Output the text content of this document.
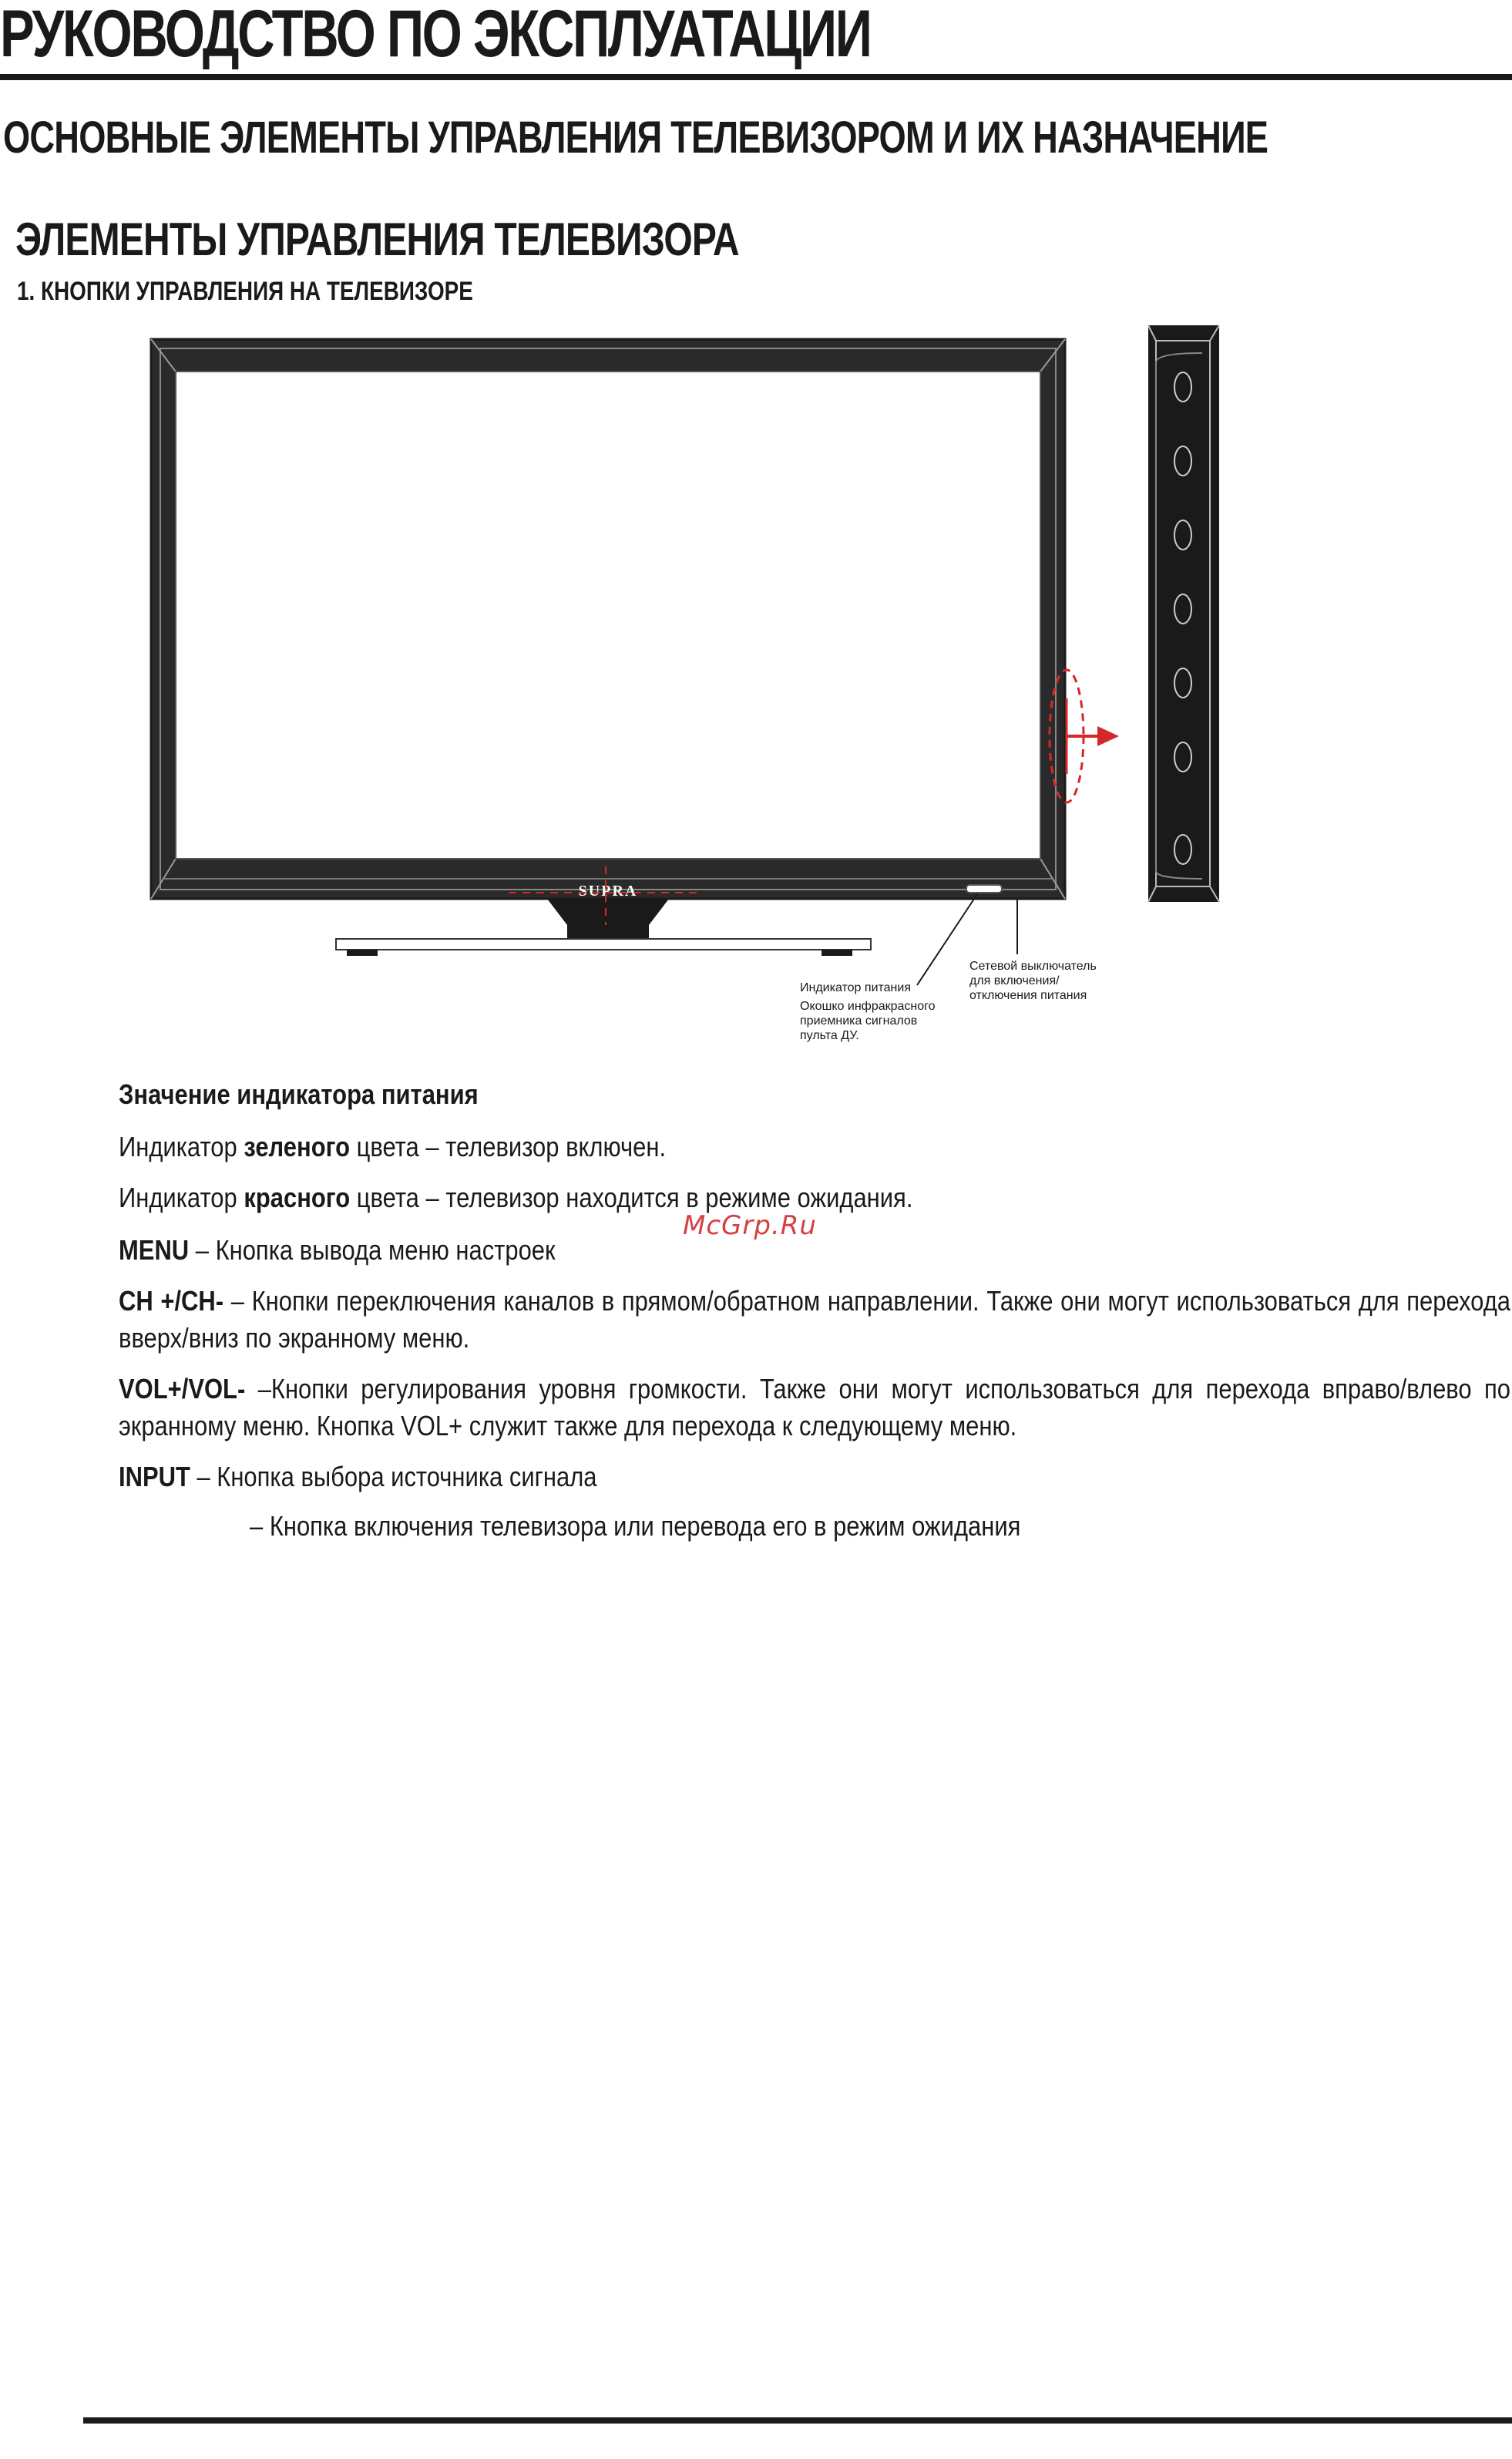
РУКОВОДСТВО ПО ЭКСПЛУАТАЦИИ
ОСНОВНЫЕ ЭЛЕМЕНТЫ УПРАВЛЕНИЯ ТЕЛЕВИЗОРОМ И ИХ НАЗНАЧЕНИЕ
ЭЛЕМЕНТЫ УПРАВЛЕНИЯ ТЕЛЕВИЗОРА
1. КНОПКИ УПРАВЛЕНИЯ НА ТЕЛЕВИЗОРЕ
SUPRA
Индикатор питания
Окошко инфракрасного
приемника сигналов
пульта ДУ.
Сетевой выключатель
для включения/
отключения питания
Значение индикатора питания
Индикатор зеленого цвета – телевизор включен.
Индикатор красного цвета – телевизор находится в режиме ожидания.
McGrp.Ru
MENU – Кнопка вывода меню настроек
CH +/CH- – Кнопки переключения каналов в прямом/обратном направлении. Также они могут использоваться для перехода вверх/вниз по экранному меню.
VOL+/VOL- –Кнопки регулирования уровня громкости. Также они могут использоваться для перехода вправо/влево по экранному меню. Кнопка VOL+ служит также для перехода к следующему меню.
INPUT – Кнопка выбора источника сигнала
– Кнопка включения телевизора или перевода его в режим ожидания
